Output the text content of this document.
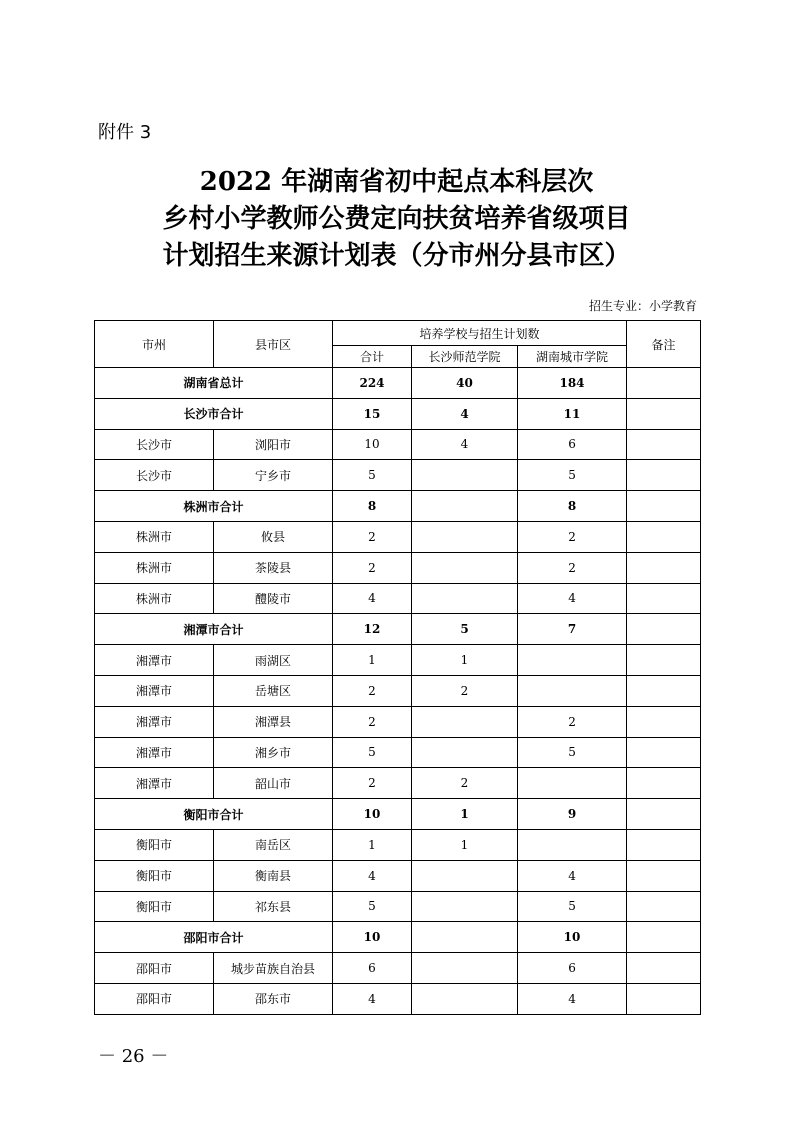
附件 3
2022 年湖南省初中起点本科层次
乡村小学教师公费定向扶贫培养省级项目
计划招生来源计划表（分市州分县市区）
招生专业：小学教育
市州	县市区	培养学校与招生计划数			备注
		合计	长沙师范学院	湖南城市学院	
湖南省总计		224	40	184	
长沙市合计		15	4	11	
长沙市	浏阳市	10	4	6	
长沙市	宁乡市	5		5	
株洲市合计		8		8	
株洲市	攸县	2		2	
株洲市	茶陵县	2		2	
株洲市	醴陵市	4		4	
湘潭市合计		12	5	7	
湘潭市	雨湖区	1	1		
湘潭市	岳塘区	2	2		
湘潭市	湘潭县	2		2	
湘潭市	湘乡市	5		5	
湘潭市	韶山市	2	2		
衡阳市合计		10	1	9	
衡阳市	南岳区	1	1		
衡阳市	衡南县	4		4	
衡阳市	祁东县	5		5	
邵阳市合计		10		10	
邵阳市	城步苗族自治县	6		6	
邵阳市	邵东市	4		4	
－ 26 －
